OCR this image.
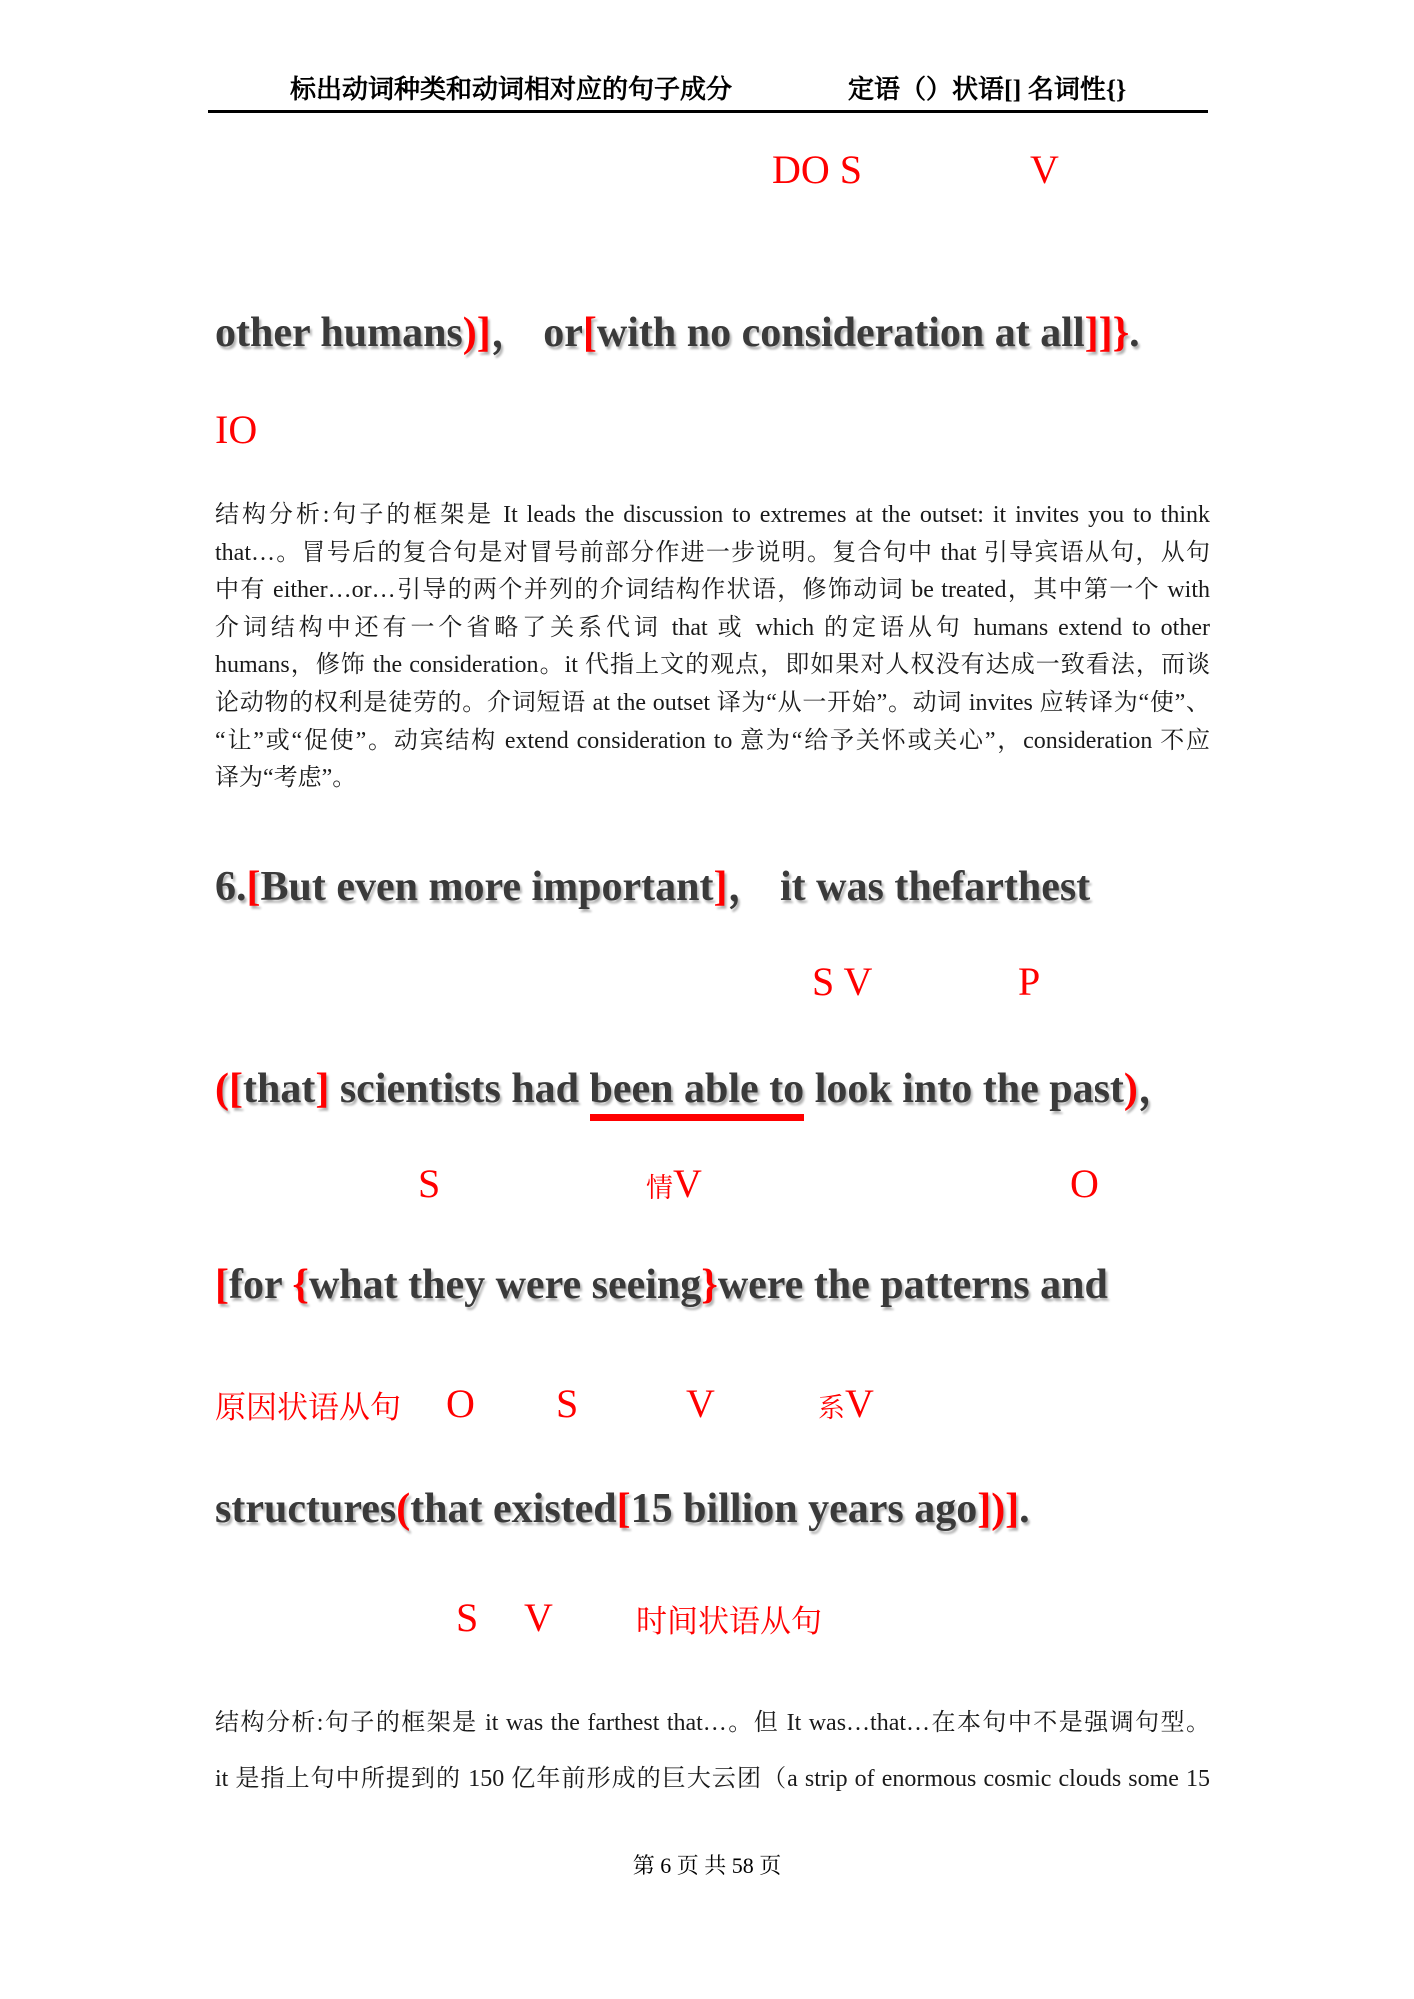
标出动词种类和动词相对应的句子成分	定语（）状语[] 名词性{}
DO S	V
other humans)]， or[with no consideration at all]]}.
IO
结构分析:句子的框架是 It leads the discussion to extremes at the outset: it invites you to think
that…。冒号后的复合句是对冒号前部分作进一步说明。复合句中 that 引导宾语从句，从句
中有 either…or…引导的两个并列的介词结构作状语，修饰动词 be treated，其中第一个 with
介词结构中还有一个省略了关系代词 that 或 which 的定语从句 humans extend to other
humans，修饰 the consideration。it 代指上文的观点，即如果对人权没有达成一致看法，而谈
论动物的权利是徒劳的。介词短语 at the outset 译为“从一开始”。动词 invites 应转译为“使”、
“让”或“促使”。动宾结构 extend consideration to 意为“给予关怀或关心”，consideration 不应
译为“考虑”。
6.[But even more important]， it was thefarthest
S V	P
([that] scientists had been able to look into the past)，
S	情V	O
[for {what they were seeing}were the patterns and
原因状语从句 O S	V	系V
structures(that existed[15 billion years ago])].
S V	时间状语从句
结构分析:句子的框架是 it was the farthest that…。但 It was…that…在本句中不是强调句型。
it 是指上句中所提到的 150 亿年前形成的巨大云团（a strip of enormous cosmic clouds some 15
第 6 页 共 58 页
